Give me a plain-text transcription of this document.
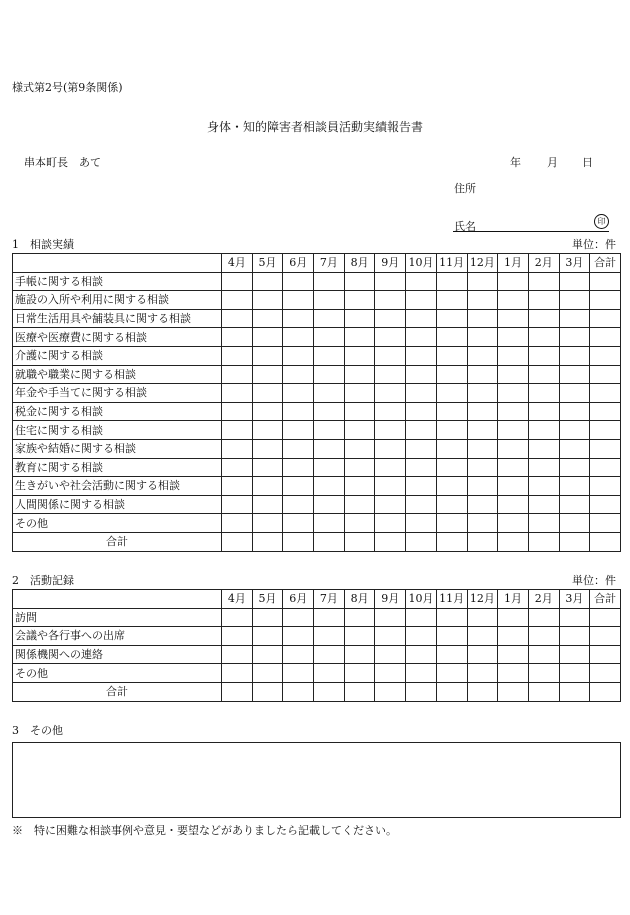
様式第2号(第9条関係)
身体・知的障害者相談員活動実績報告書
串本町長　あて	年 月 日
住所
氏名	印
1　相談実績	単位：件
	4月	5月	6月	7月	8月	9月	10月	11月	12月	1月	2月	3月	合計
手帳に関する相談													
施設の入所や利用に関する相談													
日常生活用具や舗装具に関する相談													
医療や医療費に関する相談													
介護に関する相談													
就職や職業に関する相談													
年金や手当てに関する相談													
税金に関する相談													
住宅に関する相談													
家族や結婚に関する相談													
教育に関する相談													
生きがいや社会活動に関する相談													
人間関係に関する相談													
その他													
合計													
2　活動記録	単位：件
	4月	5月	6月	7月	8月	9月	10月	11月	12月	1月	2月	3月	合計
訪問													
会議や各行事への出席													
関係機関への連絡													
その他													
合計													
3　その他
※　特に困難な相談事例や意見・要望などがありましたら記載してください。
